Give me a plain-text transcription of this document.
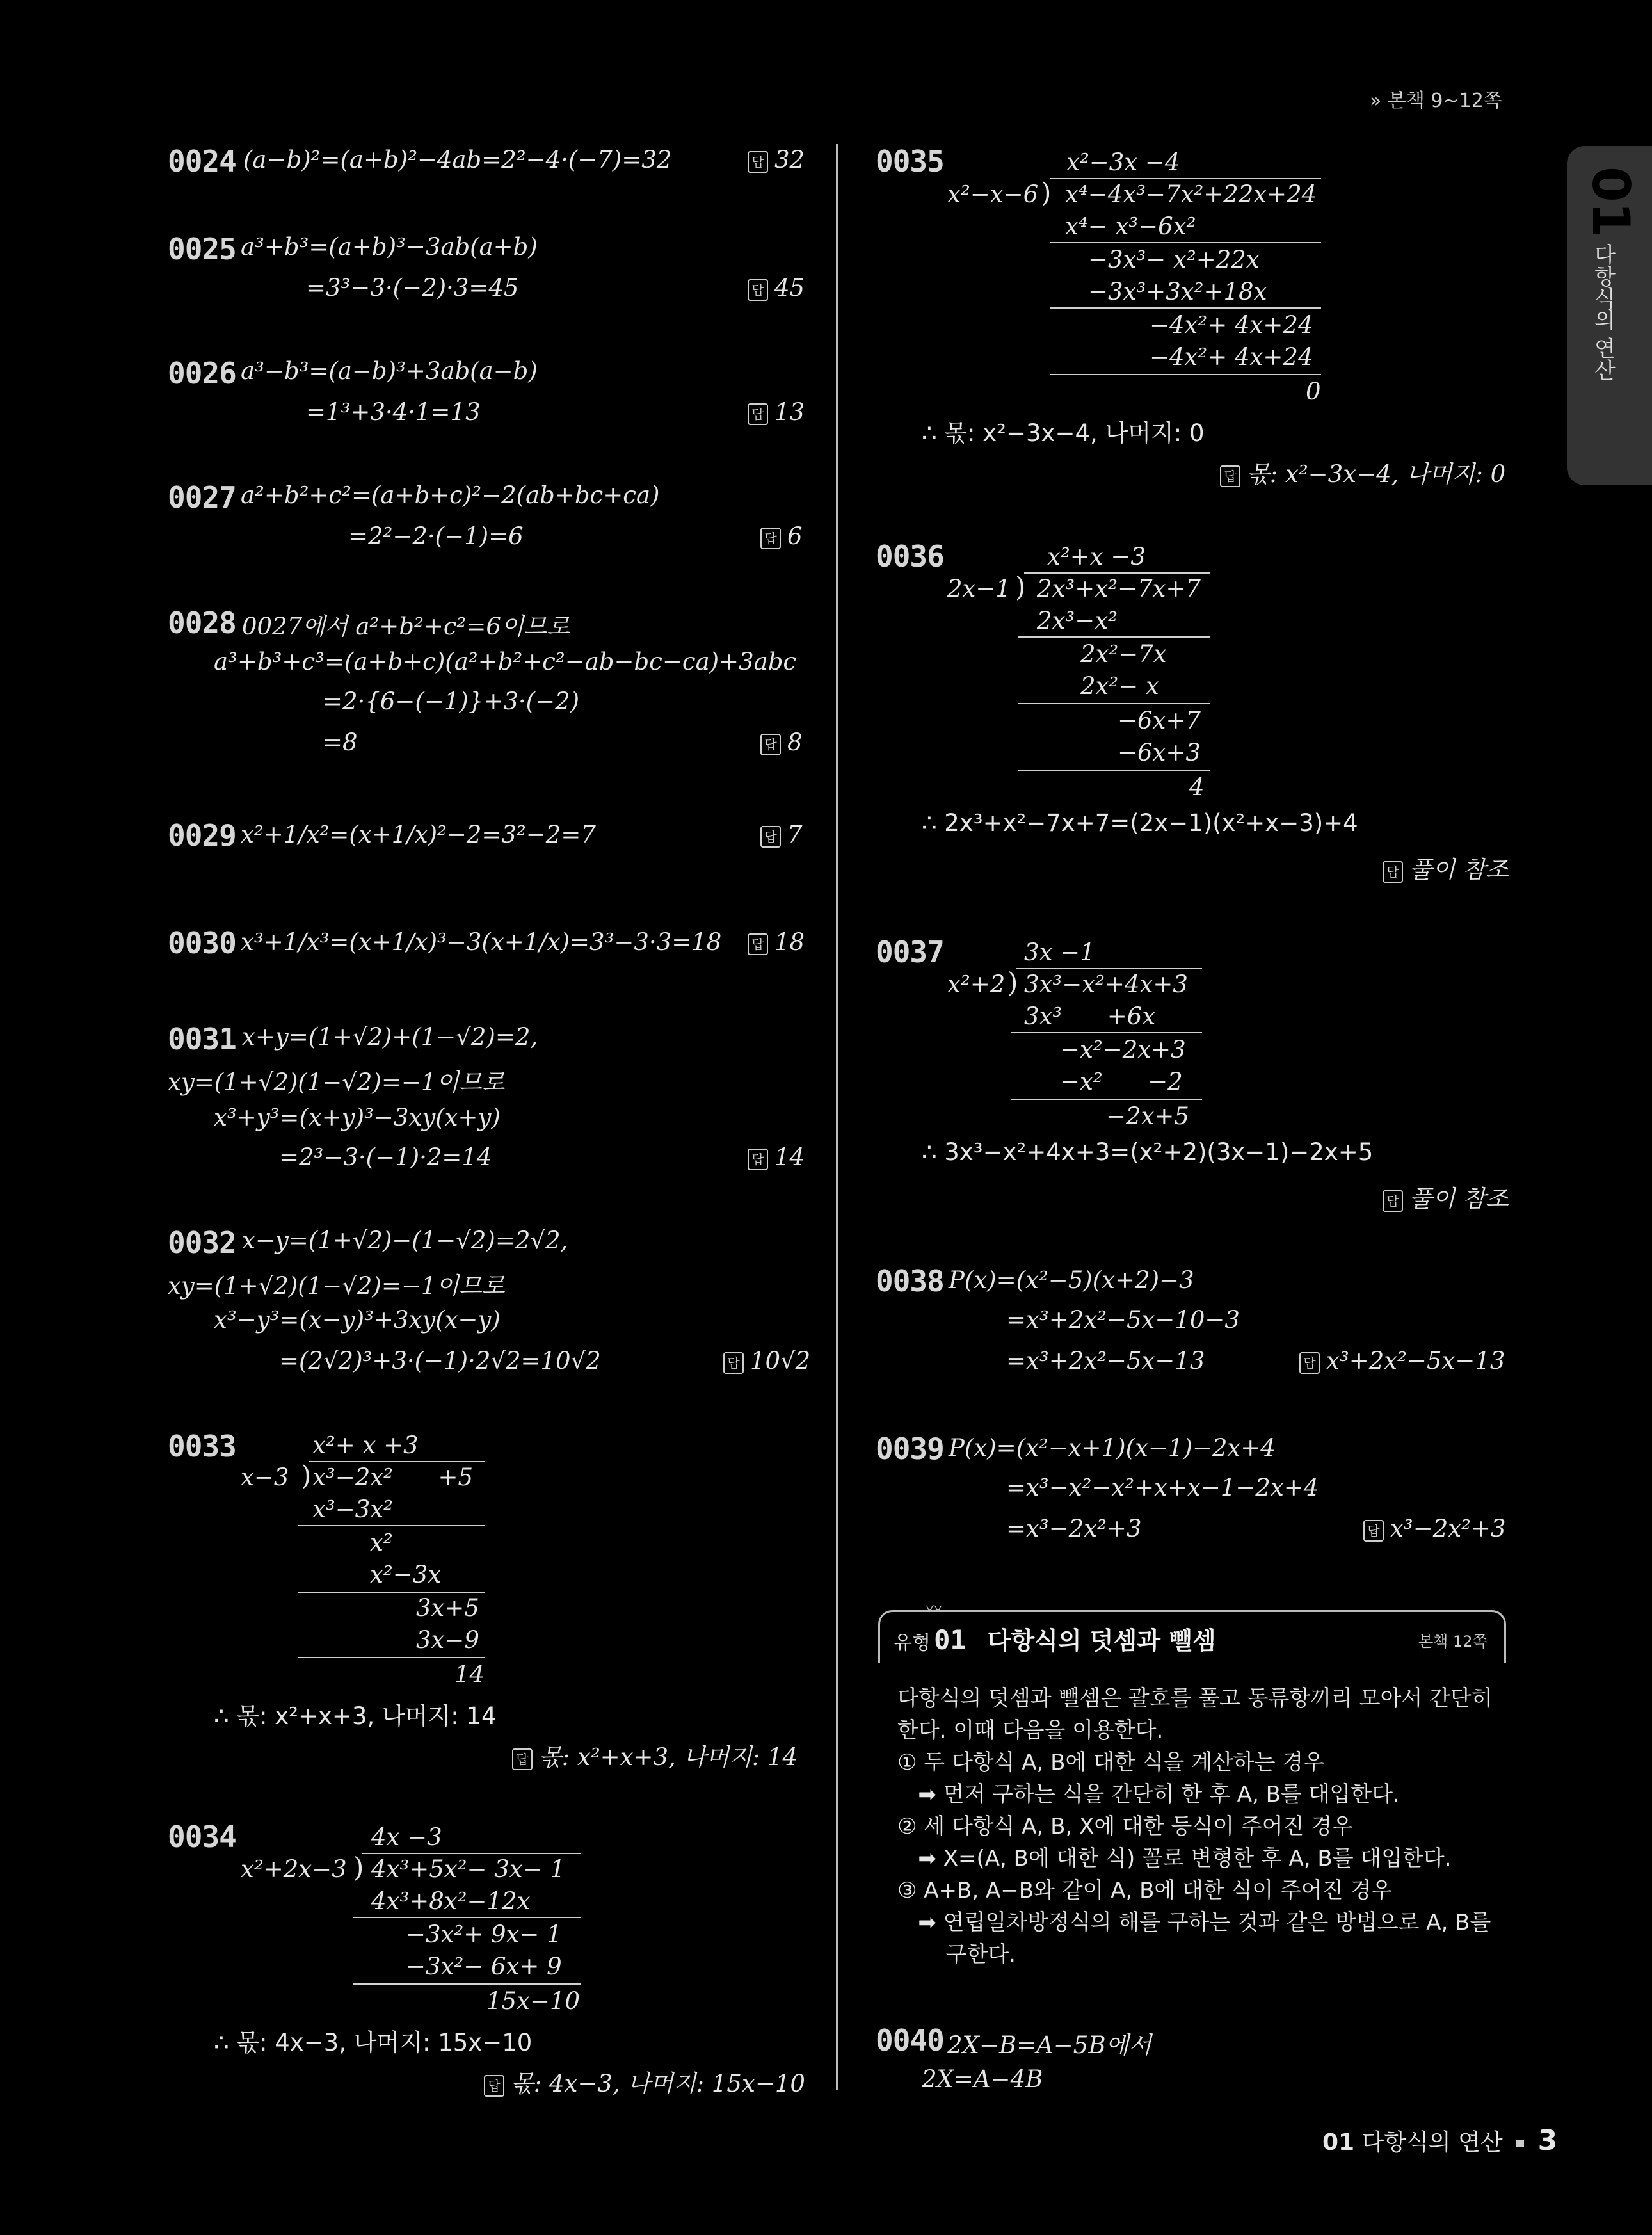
» 본책 9~12쪽
01
다항식의 연산
0024 (a−b)²=(a+b)²−4ab=2²−4·(−7)=32	답 32
0025 a³+b³=(a+b)³−3ab(a+b)
=3³−3·(−2)·3=45	답 45
0026 a³−b³=(a−b)³+3ab(a−b)
=1³+3·4·1=13	답 13
0027 a²+b²+c²=(a+b+c)²−2(ab+bc+ca)
=2²−2·(−1)=6	답 6
0028 0027에서 a²+b²+c²=6이므로
a³+b³+c³=(a+b+c)(a²+b²+c²−ab−bc−ca)+3abc
=2·{6−(−1)}+3·(−2)
=8	답 8
0029 x²+1/x²=(x+1/x)²−2=3²−2=7	답 7
0030 x³+1/x³=(x+1/x)³−3(x+1/x)=3³−3·3=18	답 18
0031 x+y=(1+√2)+(1−√2)=2,
xy=(1+√2)(1−√2)=−1이므로
x³+y³=(x+y)³−3xy(x+y)
=2³−3·(−1)·2=14	답 14
0032 x−y=(1+√2)−(1−√2)=2√2,
xy=(1+√2)(1−√2)=−1이므로
x³−y³=(x−y)³+3xy(x−y)
=(2√2)³+3·(−1)·2√2=10√2	답 10√2
0033	x²+ x +3
x−3 ) x³−2x²      +5
x³−3x²
x²
x²−3x
3x+5
3x−9
14
∴ 몫: x²+x+3, 나머지: 14
답 몫: x²+x+3, 나머지: 14
0034	4x −3
x²+2x−3 ) 4x³+5x²− 3x− 1
4x³+8x²−12x
−3x²+ 9x− 1
−3x²− 6x+ 9
15x−10
∴ 몫: 4x−3, 나머지: 15x−10
답 몫: 4x−3, 나머지: 15x−10
0035	x²−3x −4
x²−x−6 ) x⁴−4x³−7x²+22x+24
x⁴− x³−6x²
−3x³− x²+22x
−3x³+3x²+18x
−4x²+ 4x+24
−4x²+ 4x+24
0
∴ 몫: x²−3x−4, 나머지: 0
답 몫: x²−3x−4, 나머지: 0
0036	x²+x −3
2x−1 ) 2x³+x²−7x+7
2x³−x²
2x²−7x
2x²− x
−6x+7
−6x+3
4
∴ 2x³+x²−7x+7=(2x−1)(x²+x−3)+4
답 풀이 참조
0037	3x −1
x²+2 ) 3x³−x²+4x+3
3x³      +6x
−x²−2x+3
−x²      −2
−2x+5
∴ 3x³−x²+4x+3=(x²+2)(3x−1)−2x+5
답 풀이 참조
0038 P(x)=(x²−5)(x+2)−3
=x³+2x²−5x−10−3
=x³+2x²−5x−13	답 x³+2x²−5x−13
0039 P(x)=(x²−x+1)(x−1)−2x+4
=x³−x²−x²+x+x−1−2x+4
=x³−2x²+3	답 x³−2x²+3
〰
유형 01 다항식의 덧셈과 뺄셈	본책 12쪽
다항식의 덧셈과 뺄셈은 괄호를 풀고 동류항끼리 모아서 간단히
한다. 이때 다음을 이용한다.
① 두 다항식 A, B에 대한 식을 계산하는 경우
➡ 먼저 구하는 식을 간단히 한 후 A, B를 대입한다.
② 세 다항식 A, B, X에 대한 등식이 주어진 경우
➡ X=(A, B에 대한 식) 꼴로 변형한 후 A, B를 대입한다.
③ A+B, A−B와 같이 A, B에 대한 식이 주어진 경우
➡ 연립일차방정식의 해를 구하는 것과 같은 방법으로 A, B를
구한다.
0040 2X−B=A−5B에서
2X=A−4B
01 다항식의 연산 3
